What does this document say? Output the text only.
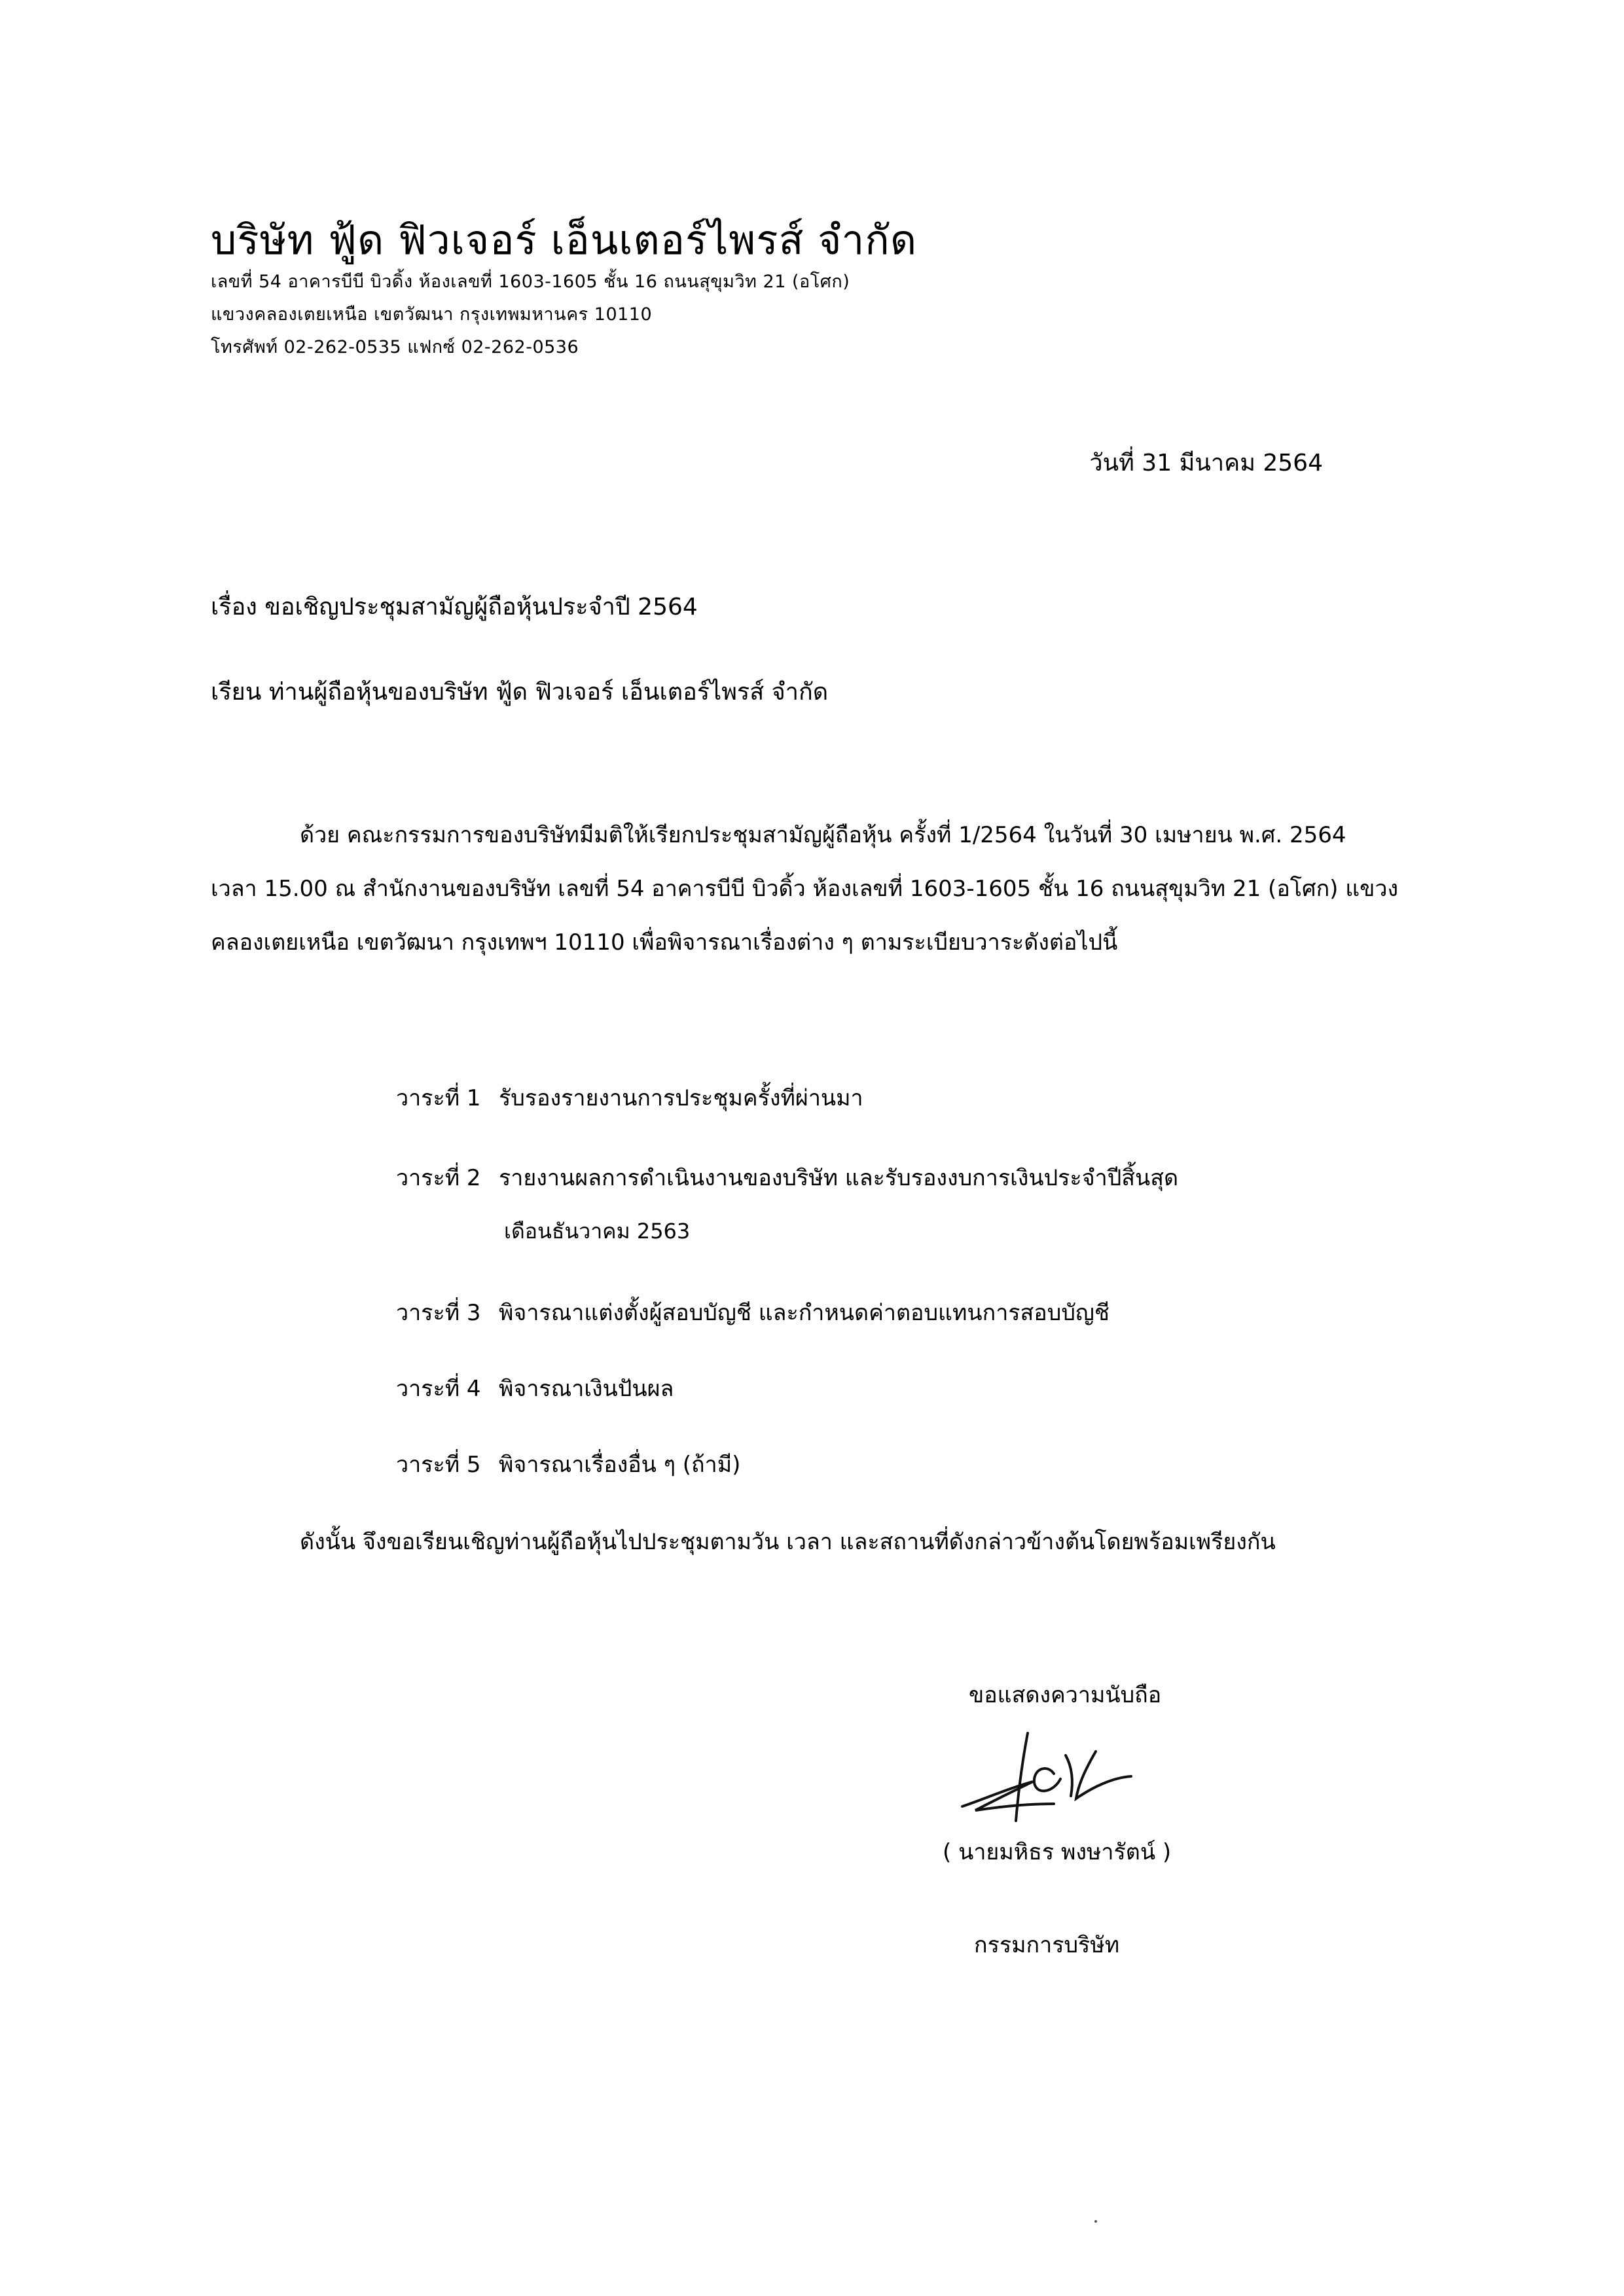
บริษัท ฟู้ด ฟิวเจอร์ เอ็นเตอร์ไพรส์ จำกัด
เลขที่ 54 อาคารบีบี บิวดิ้ง ห้องเลขที่ 1603-1605 ชั้น 16 ถนนสุขุมวิท 21 (อโศก)
แขวงคลองเตยเหนือ เขตวัฒนา กรุงเทพมหานคร 10110
โทรศัพท์ 02-262-0535 แฟกซ์ 02-262-0536
วันที่ 31 มีนาคม 2564
เรื่อง ขอเชิญประชุมสามัญผู้ถือหุ้นประจำปี 2564
เรียน ท่านผู้ถือหุ้นของบริษัท ฟู้ด ฟิวเจอร์ เอ็นเตอร์ไพรส์ จำกัด
ด้วย คณะกรรมการของบริษัทมีมติให้เรียกประชุมสามัญผู้ถือหุ้น ครั้งที่ 1/2564 ในวันที่ 30 เมษายน พ.ศ. 2564
เวลา 15.00 ณ สำนักงานของบริษัท เลขที่ 54 อาคารบีบี บิวดิ้ว ห้องเลขที่ 1603-1605 ชั้น 16 ถนนสุขุมวิท 21 (อโศก) แขวง
คลองเตยเหนือ เขตวัฒนา กรุงเทพฯ 10110 เพื่อพิจารณาเรื่องต่าง ๆ ตามระเบียบวาระดังต่อไปนี้
วาระที่ 1 รับรองรายงานการประชุมครั้งที่ผ่านมา
วาระที่ 2 รายงานผลการดำเนินงานของบริษัท และรับรองงบการเงินประจำปีสิ้นสุด
เดือนธันวาคม 2563
วาระที่ 3 พิจารณาแต่งตั้งผู้สอบบัญชี และกำหนดค่าตอบแทนการสอบบัญชี
วาระที่ 4 พิจารณาเงินปันผล
วาระที่ 5 พิจารณาเรื่องอื่น ๆ (ถ้ามี)
ดังนั้น จึงขอเรียนเชิญท่านผู้ถือหุ้นไปประชุมตามวัน เวลา และสถานที่ดังกล่าวข้างต้นโดยพร้อมเพรียงกัน
ขอแสดงความนับถือ
( นายมหิธร พงษารัตน์ )
กรรมการบริษัท
